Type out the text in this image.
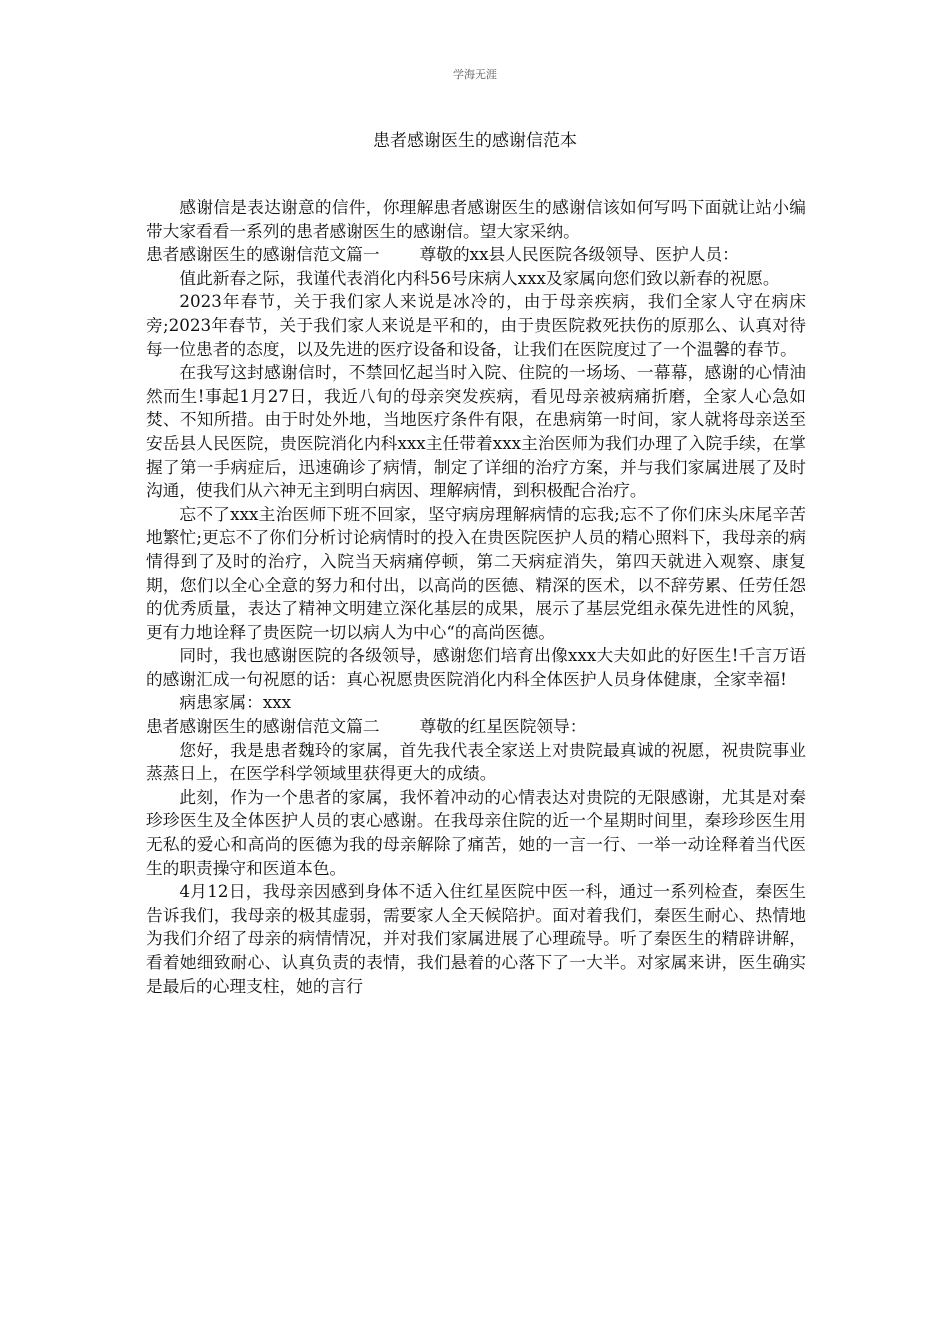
学海无涯
患者感谢医生的感谢信范本

感谢信是表达谢意的信件，你理解患者感谢医生的感谢信该如何写吗下面就让站小编带大家看看一系列的患者感谢医生的感谢信。望大家采纳。

患者感谢医生的感谢信范文篇一 尊敬的xx县人民医院各级领导、医护人员：

值此新春之际，我谨代表消化内科56号床病人xxx及家属向您们致以新春的祝愿。

2023年春节，关于我们家人来说是冰冷的，由于母亲疾病，我们全家人守在病床旁;2023年春节，关于我们家人来说是平和的，由于贵医院救死扶伤的原那么、认真对待每一位患者的态度，以及先进的医疗设备和设备，让我们在医院度过了一个温馨的春节。

在我写这封感谢信时，不禁回忆起当时入院、住院的一场场、一幕幕，感谢的心情油然而生!事起1月27日，我近八旬的母亲突发疾病，看见母亲被病痛折磨，全家人心急如焚、不知所措。由于时处外地，当地医疗条件有限，在患病第一时间，家人就将母亲送至安岳县人民医院，贵医院消化内科xxx主任带着xxx主治医师为我们办理了入院手续，在掌握了第一手病症后，迅速确诊了病情，制定了详细的治疗方案，并与我们家属进展了及时沟通，使我们从六神无主到明白病因、理解病情，到积极配合治疗。

忘不了xxx主治医师下班不回家，坚守病房理解病情的忘我;忘不了你们床头床尾辛苦地繁忙;更忘不了你们分析讨论病情时的投入在贵医院医护人员的精心照料下，我母亲的病情得到了及时的治疗，入院当天病痛停顿，第二天病症消失，第四天就进入观察、康复期，您们以全心全意的努力和付出，以高尚的医德、精深的医术，以不辞劳累、任劳任怨的优秀质量，表达了精神文明建立深化基层的成果，展示了基层党组永葆先进性的风貌，更有力地诠释了贵医院一切以病人为中心“的高尚医德。

同时，我也感谢医院的各级领导，感谢您们培育出像xxx大夫如此的好医生!千言万语的感谢汇成一句祝愿的话：真心祝愿贵医院消化内科全体医护人员身体健康，全家幸福!

病患家属：xxx

患者感谢医生的感谢信范文篇二 尊敬的红星医院领导：

您好，我是患者魏玲的家属，首先我代表全家送上对贵院最真诚的祝愿，祝贵院事业蒸蒸日上，在医学科学领域里获得更大的成绩。

此刻，作为一个患者的家属，我怀着冲动的心情表达对贵院的无限感谢，尤其是对秦珍珍医生及全体医护人员的衷心感谢。在我母亲住院的近一个星期时间里，秦珍珍医生用无私的爱心和高尚的医德为我的母亲解除了痛苦，她的一言一行、一举一动诠释着当代医生的职责操守和医道本色。

4月12日，我母亲因感到身体不适入住红星医院中医一科，通过一系列检查，秦医生告诉我们，我母亲的极其虚弱，需要家人全天候陪护。面对着我们，秦医生耐心、热情地为我们介绍了母亲的病情情况，并对我们家属进展了心理疏导。听了秦医生的精辟讲解，看着她细致耐心、认真负责的表情，我们悬着的心落下了一大半。对家属来讲，医生确实是最后的心理支柱，她的言行
